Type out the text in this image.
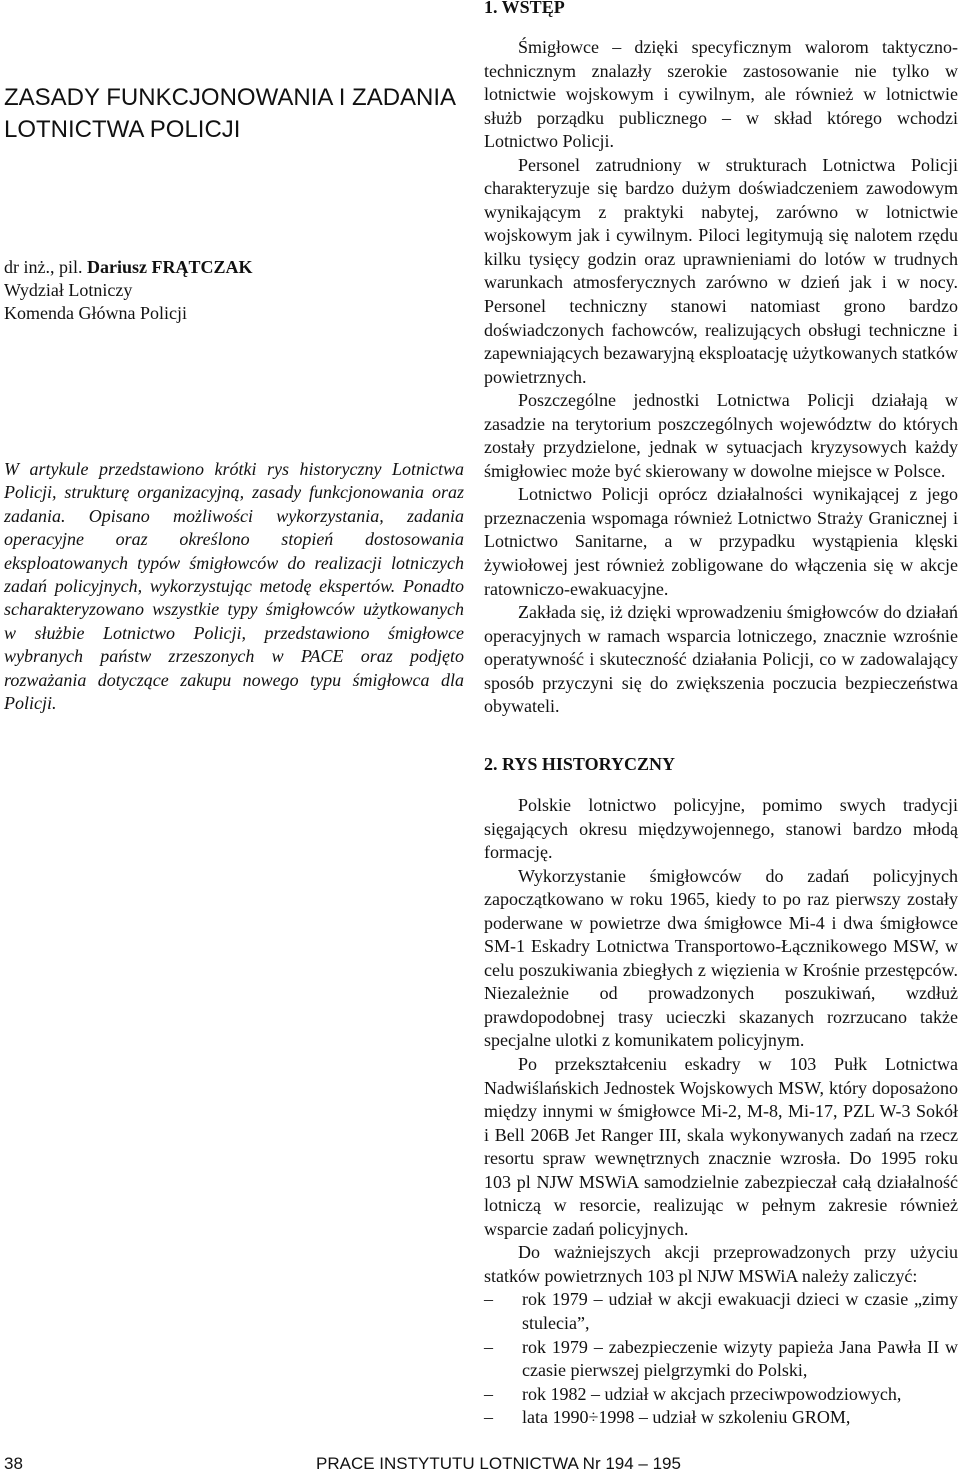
ZASADY FUNKCJONOWANIA I ZADANIA
LOTNICTWA POLICJI
dr inż., pil. Dariusz FRĄTCZAK
Wydział Lotniczy
Komenda Główna Policji
W artykule przedstawiono krótki rys historyczny Lotnictwa Policji, strukturę organizacyjną, zasady funkcjonowania oraz zadania. Opisano możliwości wykorzystania, zadania operacyjne oraz określono stopień dostosowania eksploatowanych typów śmigłowców do realizacji lotniczych zadań policyjnych, wykorzystując metodę ekspertów. Ponadto scharakteryzowano wszystkie typy śmigłowców użytkowanych w służbie Lotnictwo Policji, przedstawiono śmigłowce wybranych państw zrzeszonych w PACE oraz podjęto rozważania dotyczące zakupu nowego typu śmigłowca dla Policji.
1. WSTĘP

Śmigłowce – dzięki specyficznym walorom taktyczno-technicznym znalazły szerokie zastosowanie nie tylko w lotnictwie wojskowym i cywilnym, ale również w lotnictwie służb porządku publicznego – w skład którego wchodzi Lotnictwo Policji.

Personel zatrudniony w strukturach Lotnictwa Policji charakteryzuje się bardzo dużym doświadczeniem zawodowym wynikającym z praktyki nabytej, zarówno w lotnictwie wojskowym jak i cywilnym. Piloci legitymują się nalotem rzędu kilku tysięcy godzin oraz uprawnieniami do lotów w trudnych warunkach atmosferycznych zarówno w dzień jak i w nocy. Personel techniczny stanowi natomiast grono bardzo doświadczonych fachowców, realizujących obsługi techniczne i zapewniających bezawaryjną eksploatację użytkowanych statków powietrznych.

Poszczególne jednostki Lotnictwa Policji działają w zasadzie na terytorium poszczególnych województw do których zostały przydzielone, jednak w sytuacjach kryzysowych każdy śmigłowiec może być skierowany w dowolne miejsce w Polsce.

Lotnictwo Policji oprócz działalności wynikającej z jego przeznaczenia wspomaga również Lotnictwo Straży Granicznej i Lotnictwo Sanitarne, a w przypadku wystąpienia klęski żywiołowej jest również zobligowane do włączenia się w akcje ratowniczo-ewakuacyjne.

Zakłada się, iż dzięki wprowadzeniu śmigłowców do działań operacyjnych w ramach wsparcia lotniczego, znacznie wzrośnie operatywność i skuteczność działania Policji, co w zadowalający sposób przyczyni się do zwiększenia poczucia bezpieczeństwa obywateli.

2. RYS HISTORYCZNY

Polskie lotnictwo policyjne, pomimo swych tradycji sięgających okresu międzywojennego, stanowi bardzo młodą formację.

Wykorzystanie śmigłowców do zadań policyjnych zapoczątkowano w roku 1965, kiedy to po raz pierwszy zostały poderwane w powietrze dwa śmigłowce Mi-4 i dwa śmigłowce SM-1 Eskadry Lotnictwa Transportowo-Łącznikowego MSW, w celu poszukiwania zbiegłych z więzienia w Krośnie przestępców. Niezależnie od prowadzonych poszukiwań, wzdłuż prawdopodobnej trasy ucieczki skazanych rozrzucano także specjalne ulotki z komunikatem policyjnym.

Po przekształceniu eskadry w 103 Pułk Lotnictwa Nadwiślańskich Jednostek Wojskowych MSW, który doposażono między innymi w śmigłowce Mi-2, M-8, Mi-17, PZL W-3 Sokół i Bell 206B Jet Ranger III, skala wykonywanych zadań na rzecz resortu spraw wewnętrznych znacznie wzrosła. Do 1995 roku 103 pl NJW MSWiA samodzielnie zabezpieczał całą działalność lotniczą w resorcie, realizując w pełnym zakresie również wsparcie zadań policyjnych.

Do ważniejszych akcji przeprowadzonych przy użyciu statków powietrznych 103 pl NJW MSWiA należy zaliczyć:

– rok 1979 – udział w akcji ewakuacji dzieci w czasie „zimy stulecia”,
– rok 1979 – zabezpieczenie wizyty papieża Jana Pawła II w czasie pierwszej pielgrzymki do Polski,
– rok 1982 – udział w akcjach przeciwpowodziowych,
– lata 1990÷1998 – udział w szkoleniu GROM,
38	PRACE INSTYTUTU LOTNICTWA Nr 194 – 195
